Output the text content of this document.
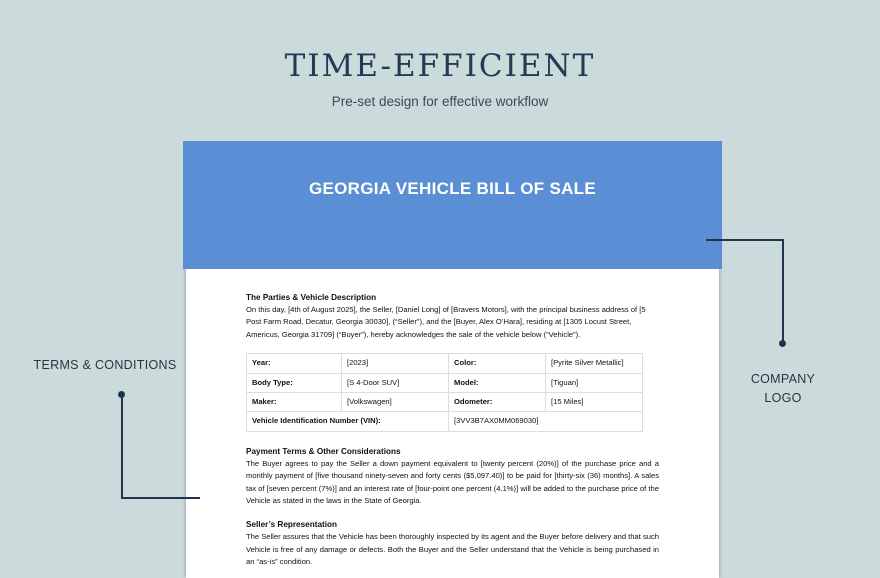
TIME-EFFICIENT
Pre-set design for effective workflow
The Parties & Vehicle Description

On this day, [4th of August 2025], the Seller, [Daniel Long] of [Bravers Motors], with the principal business address of [5 Post Farm Road, Decatur, Georgia 30030], (“Seller”), and the [Buyer, Alex O’Hara], residing at [1305 Locust Street, Americus, Georgia 31709] (“Buyer”), hereby acknowledges the sale of the vehicle below (“Vehicle”).

Year:	[2023]	Color:	[Pyrite Silver Metallic]
Body Type:	[S 4-Door SUV]	Model:	[Tiguan]
Maker:	[Volkswagen]	Odometer:	[15 Miles]
Vehicle Identification Number (VIN):		[3VV3B7AX0MM069030]	
Payment Terms & Other Considerations

The Buyer agrees to pay the Seller a down payment equivalent to [twenty percent (20%)] of the purchase price and a monthly payment of [five thousand ninety-seven and forty cents ($5,097.40)] to be paid for [thirty-six (36) months]. A sales tax of [seven percent (7%)] and an interest rate of [four-point one percent (4.1%)] will be added to the purchase price of the Vehicle as stated in the laws in the State of Georgia.

Seller’s Representation

The Seller assures that the Vehicle has been thoroughly inspected by its agent and the Buyer before delivery and that such Vehicle is free of any damage or defects. Both the Buyer and the Seller understand that the Vehicle is being purchased in an “as-is” condition.

GEORGIA VEHICLE BILL OF SALE
COMPANY
LOGO
TERMS & CONDITIONS
